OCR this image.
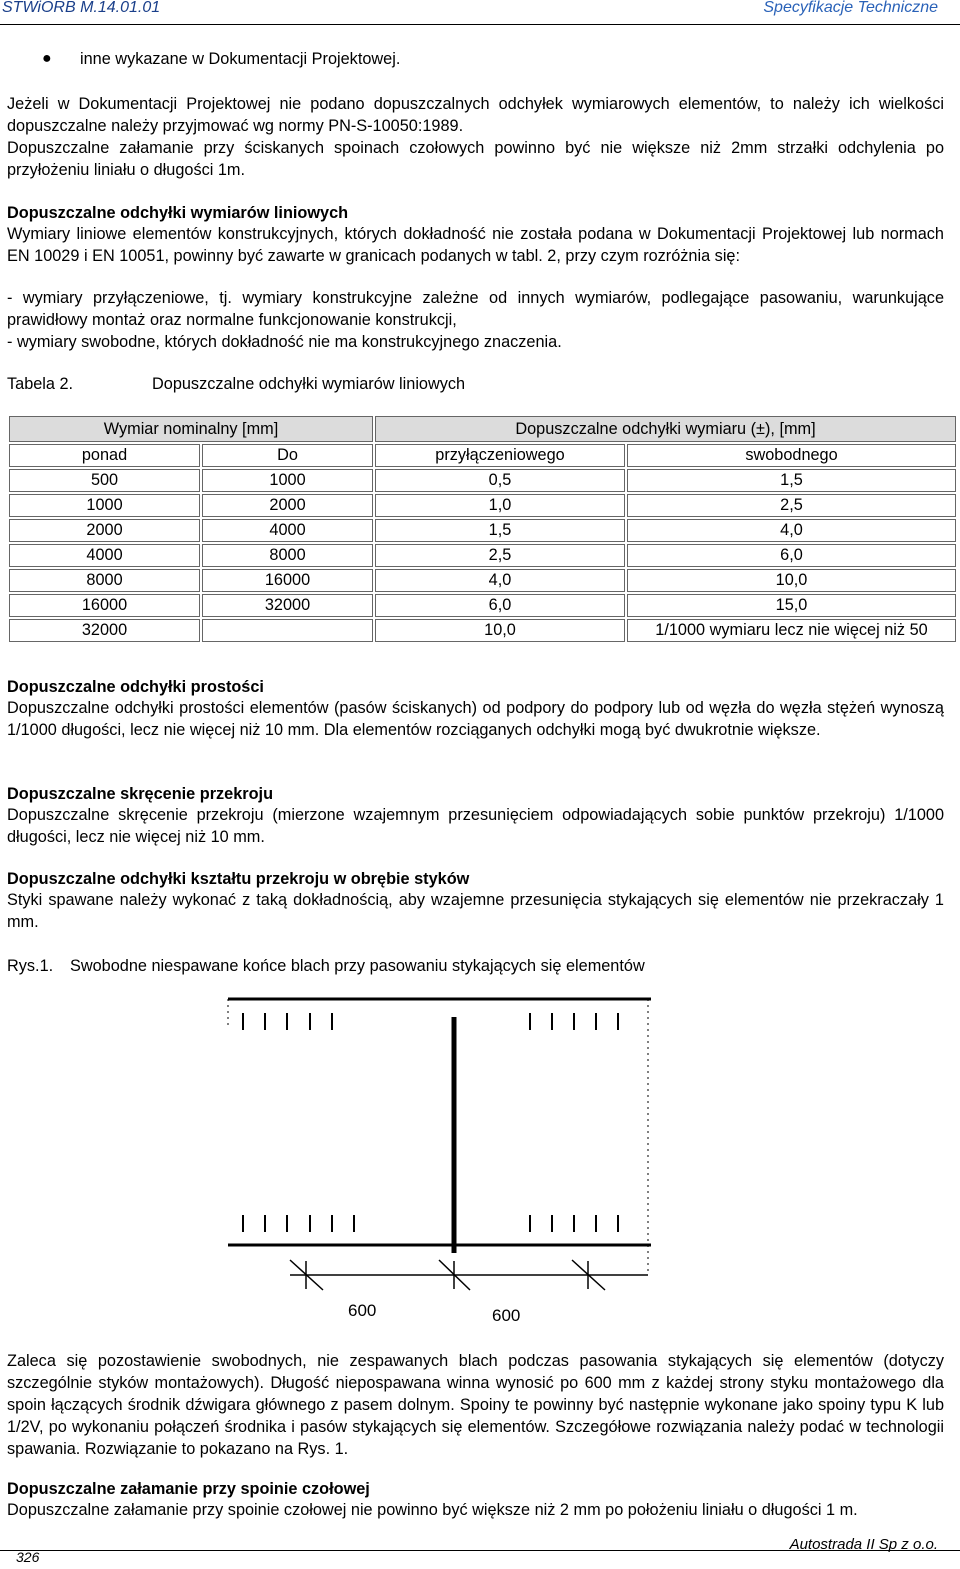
STWiORB M.14.01.01	Specyfikacje Techniczne
● inne wykazane w Dokumentacji Projektowej.
Jeżeli w Dokumentacji Projektowej nie podano dopuszczalnych odchyłek wymiarowych elementów, to należy ich wielkości dopuszczalne należy przyjmować wg normy PN-S-10050:1989.
Dopuszczalne załamanie przy ściskanych spoinach czołowych powinno być nie większe niż 2mm strzałki odchylenia po przyłożeniu liniału o długości 1m.
Dopuszczalne odchyłki wymiarów liniowych
Wymiary liniowe elementów konstrukcyjnych, których dokładność nie została podana w Dokumentacji Projektowej lub normach EN 10029 i EN 10051, powinny być zawarte w granicach podanych w tabl. 2, przy czym rozróżnia się:
- wymiary przyłączeniowe, tj. wymiary konstrukcyjne zależne od innych wymiarów, podlegające pasowaniu, warunkujące prawidłowy montaż oraz normalne funkcjonowanie konstrukcji,
- wymiary swobodne, których dokładność nie ma konstrukcyjnego znaczenia.
Tabela 2.	Dopuszczalne odchyłki wymiarów liniowych
Wymiar nominalny [mm]		Dopuszczalne odchyłki wymiaru (±), [mm]	
ponad	Do	przyłączeniowego	swobodnego
500	1000	0,5	1,5
1000	2000	1,0	2,5
2000	4000	1,5	4,0
4000	8000	2,5	6,0
8000	16000	4,0	10,0
16000	32000	6,0	15,0
32000		10,0	1/1000 wymiaru lecz nie więcej niż 50
Dopuszczalne odchyłki prostości
Dopuszczalne odchyłki prostości elementów (pasów ściskanych) od podpory do podpory lub od węzła do węzła stężeń wynoszą 1/1000 długości, lecz nie więcej niż 10 mm. Dla elementów rozciąganych odchyłki mogą być dwukrotnie większe.
Dopuszczalne skręcenie przekroju
Dopuszczalne skręcenie przekroju (mierzone wzajemnym przesunięciem odpowiadających sobie punktów przekroju) 1/1000 długości, lecz nie więcej niż 10 mm.
Dopuszczalne odchyłki kształtu przekroju w obrębie styków
Styki spawane należy wykonać z taką dokładnością, aby wzajemne przesunięcia stykających się elementów nie przekraczały 1 mm.
Rys.1.	Swobodne niespawane końce blach przy pasowaniu stykających się elementów
600	600
Zaleca się pozostawienie swobodnych, nie zespawanych blach podczas pasowania stykających się elementów (dotyczy szczególnie styków montażowych). Długość niepospawana winna wynosić po 600 mm z każdej strony styku montażowego dla spoin łączących środnik dźwigara głównego z pasem dolnym. Spoiny te powinny być następnie wykonane jako spoiny typu K lub 1/2V, po wykonaniu połączeń środnika i pasów stykających się elementów. Szczegółowe rozwiązania należy podać w technologii spawania. Rozwiązanie to pokazano na Rys. 1.
Dopuszczalne załamanie przy spoinie czołowej
Dopuszczalne załamanie przy spoinie czołowej nie powinno być większe niż 2 mm po położeniu liniału o długości 1 m.
Autostrada II Sp z o.o.
326
